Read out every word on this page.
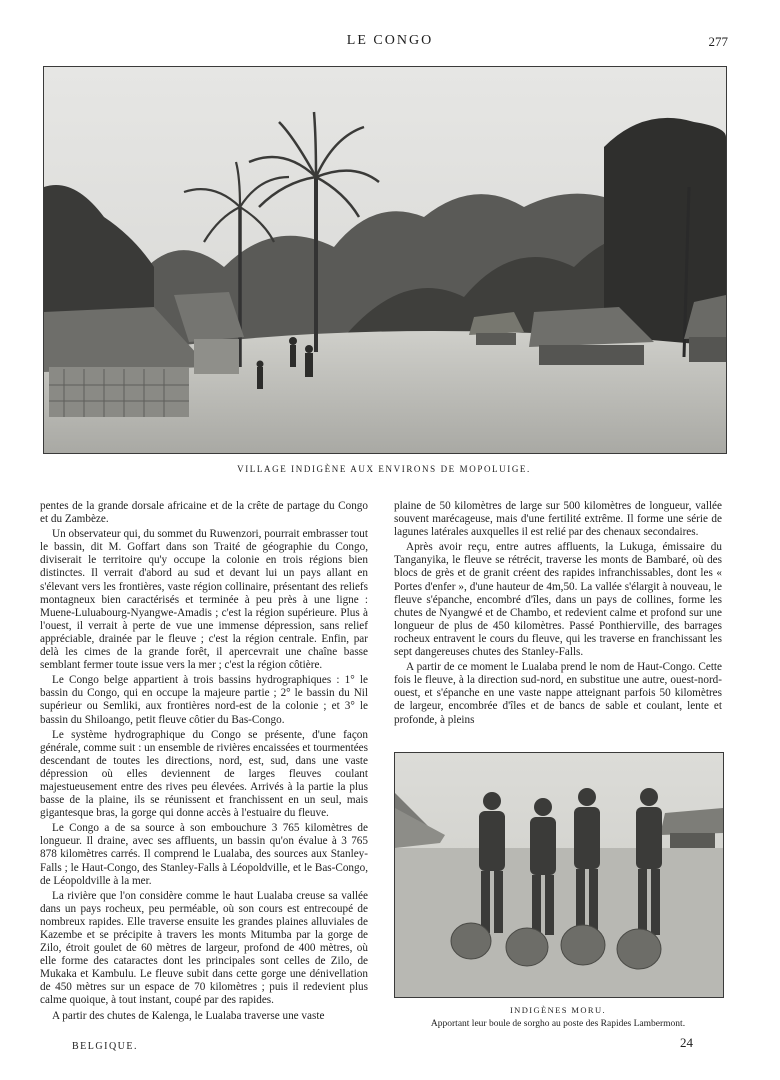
LE CONGO	277
VILLAGE INDIGÈNE AUX ENVIRONS DE MOPOLUIGE.

pentes de la grande dorsale africaine et de la crête de partage du Congo et du Zambèze.

Un observateur qui, du sommet du Ruwenzori, pourrait embrasser tout le bassin, dit M. Goffart dans son Traité de géographie du Congo, diviserait le territoire qu'y occupe la colonie en trois régions bien distinctes. Il verrait d'abord au sud et devant lui un pays allant en s'élevant vers les frontières, vaste région collinaire, présentant des reliefs montagneux bien caractérisés et terminée à peu près à une ligne : Muene-Luluabourg-Nyangwe-Amadis ; c'est la région supérieure. Plus à l'ouest, il verrait à perte de vue une immense dépression, sans relief appréciable, drainée par le fleuve ; c'est la région centrale. Enfin, par delà les cimes de la grande forêt, il apercevrait une chaîne basse semblant fermer toute issue vers la mer ; c'est la région côtière.

Le Congo belge appartient à trois bassins hydrographiques : 1° le bassin du Congo, qui en occupe la majeure partie ; 2° le bassin du Nil supérieur ou Semliki, aux frontières nord-est de la colonie ; et 3° le bassin du Shiloango, petit fleuve côtier du Bas-Congo.

Le système hydrographique du Congo se présente, d'une façon générale, comme suit : un ensemble de rivières encaissées et tourmentées descendant de toutes les directions, nord, est, sud, dans une vaste dépression où elles deviennent de larges fleuves coulant majestueusement entre des rives peu élevées. Arrivés à la partie la plus basse de la plaine, ils se réunissent et franchissent en un seul, mais gigantesque bras, la gorge qui donne accès à l'estuaire du fleuve.

Le Congo a de sa source à son embouchure 3 765 kilomètres de longueur. Il draine, avec ses affluents, un bassin qu'on évalue à 3 765 878 kilomètres carrés. Il comprend le Lualaba, des sources aux Stanley-Falls ; le Haut-Congo, des Stanley-Falls à Léopoldville, et le Bas-Congo, de Léopoldville à la mer.

La rivière que l'on considère comme le haut Lualaba creuse sa vallée dans un pays rocheux, peu perméable, où son cours est entrecoupé de nombreux rapides. Elle traverse ensuite les grandes plaines alluviales de Kazembe et se précipite à travers les monts Mitumba par la gorge de Zilo, étroit goulet de 60 mètres de largeur, profond de 400 mètres, où elle forme des cataractes dont les principales sont celles de Zilo, de Mukaka et Kambulu. Le fleuve subit dans cette gorge une dénivellation de 450 mètres sur un espace de 70 kilomètres ; puis il redevient plus calme quoique, à tout instant, coupé par des rapides.

A partir des chutes de Kalenga, le Lualaba traverse une vaste

plaine de 50 kilomètres de large sur 500 kilomètres de longueur, vallée souvent marécageuse, mais d'une fertilité extrême. Il forme une série de lagunes latérales auxquelles il est relié par des chenaux secondaires.

Après avoir reçu, entre autres affluents, la Lukuga, émissaire du Tanganyika, le fleuve se rétrécit, traverse les monts de Bambaré, où des blocs de grès et de granit créent des rapides infranchissables, dont les « Portes d'enfer », d'une hauteur de 4m,50. La vallée s'élargit à nouveau, le fleuve s'épanche, encombré d'îles, dans un pays de collines, forme les chutes de Nyangwé et de Chambo, et redevient calme et profond sur une longueur de plus de 450 kilomètres. Passé Ponthierville, des barrages rocheux entravent le cours du fleuve, qui les traverse en franchissant les sept dangereuses chutes des Stanley-Falls.

A partir de ce moment le Lualaba prend le nom de Haut-Congo. Cette fois le fleuve, à la direction sud-nord, en substitue une autre, ouest-nord-ouest, et s'épanche en une vaste nappe atteignant parfois 50 kilomètres de largeur, encombrée d'îles et de bancs de sable et coulant, lente et profonde, à pleins

INDIGÈNES MORU.
Apportant leur boule de sorgho au poste des Rapides Lambermont.
BELGIQUE.	24
